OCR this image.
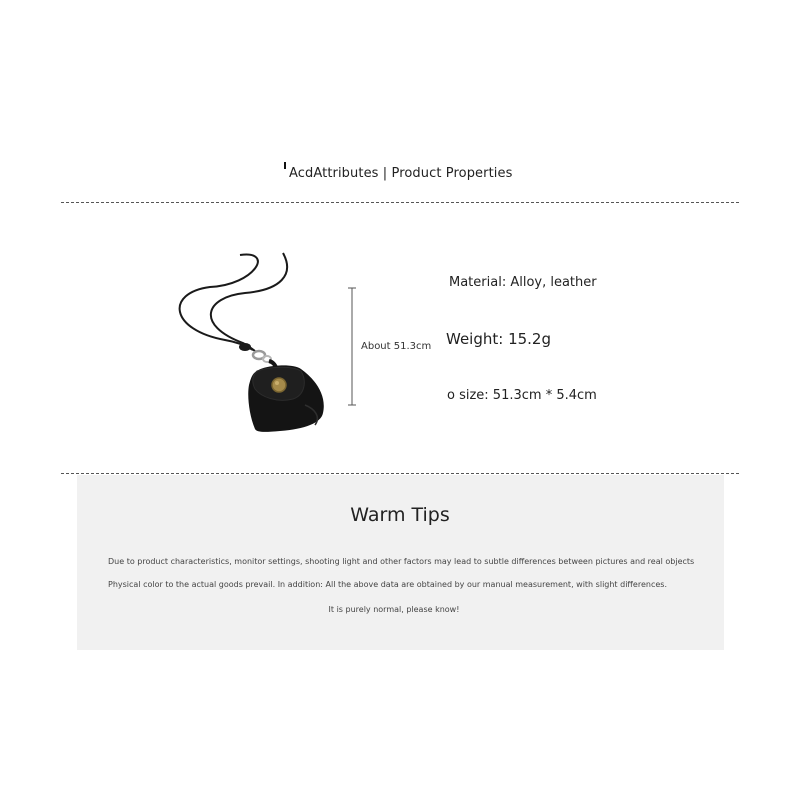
AcdAttributes | Product Properties
About 51.3cm
Material: Alloy, leather
Weight: 15.2g
o size: 51.3cm * 5.4cm
Warm Tips
Due to product characteristics, monitor settings, shooting light and other factors may lead to subtle differences between pictures and real objects
Physical color to the actual goods prevail. In addition: All the above data are obtained by our manual measurement, with slight differences.
It is purely normal, please know!
